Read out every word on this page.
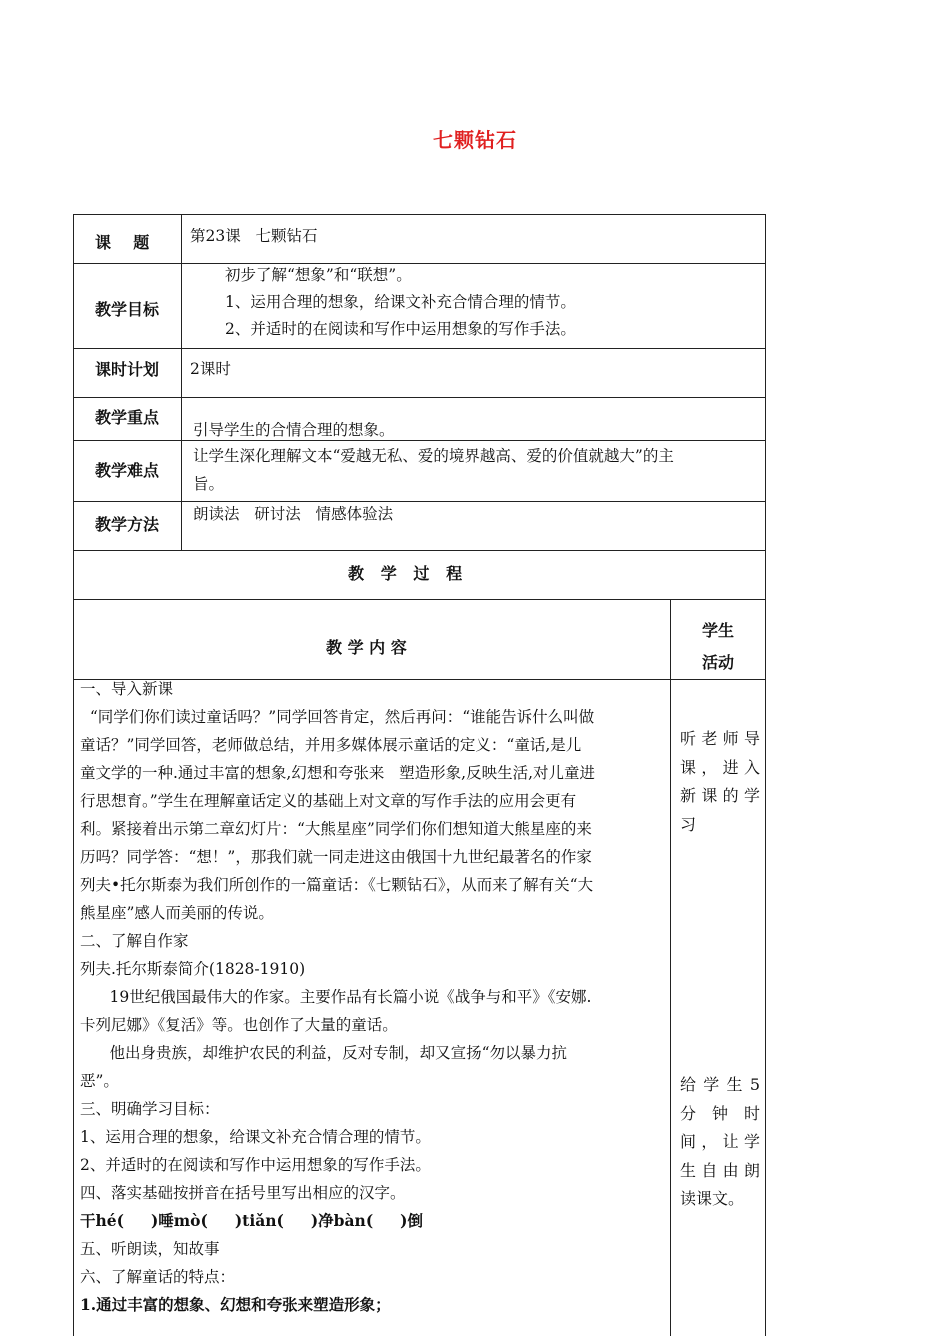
七颗钻石
课    题	第23课   七颗钻石
教学目标
初步了解“想象”和“联想”。
1、运用合理的想象，给课文补充合情合理的情节。
2、并适时的在阅读和写作中运用想象的写作手法。
课时计划 2课时
教学重点
引导学生的合情合理的想象。
教学难点
让学生深化理解文本“爱越无私、爱的境界越高、爱的价值就越大”的主
旨。
教学方法
朗读法   研讨法   情感体验法
教   学   过   程
教 学 内 容
学生
活动
一、导入新课
“同学们你们读过童话吗？”同学回答肯定，然后再问：“谁能告诉什么叫做
童话？”同学回答，老师做总结，并用多媒体展示童话的定义：“童话,是儿
童文学的一种.通过丰富的想象,幻想和夸张来   塑造形象,反映生活,对儿童进
行思想育。”学生在理解童话定义的基础上对文章的写作手法的应用会更有
利。紧接着出示第二章幻灯片：“大熊星座”同学们你们想知道大熊星座的来
历吗？同学答：“想！”，那我们就一同走进这由俄国十九世纪最著名的作家
列夫•托尔斯泰为我们所创作的一篇童话：《七颗钻石》，从而来了解有关“大
熊星座”感人而美丽的传说。
二、了解自作家
列夫.托尔斯泰简介(1828-1910)
19世纪俄国最伟大的作家。主要作品有长篇小说《战争与和平》《安娜.
卡列尼娜》《复活》等。也创作了大量的童话。
他出身贵族，却维护农民的利益，反对专制，却又宣扬“勿以暴力抗
恶”。
三、明确学习目标：
1、运用合理的想象，给课文补充合情合理的情节。
2、并适时的在阅读和写作中运用想象的写作手法。
四、落实基础按拼音在括号里写出相应的汉字。
干hé(     )唾mò(     )tiǎn(     )净bàn(     )倒
五、听朗读，知故事
六、了解童话的特点：
1.通过丰富的想象、幻想和夸张来塑造形象；
听老师导
课，进入
新课的学
习
给学生5
分钟时
间，让学
生自由朗
读课文。
